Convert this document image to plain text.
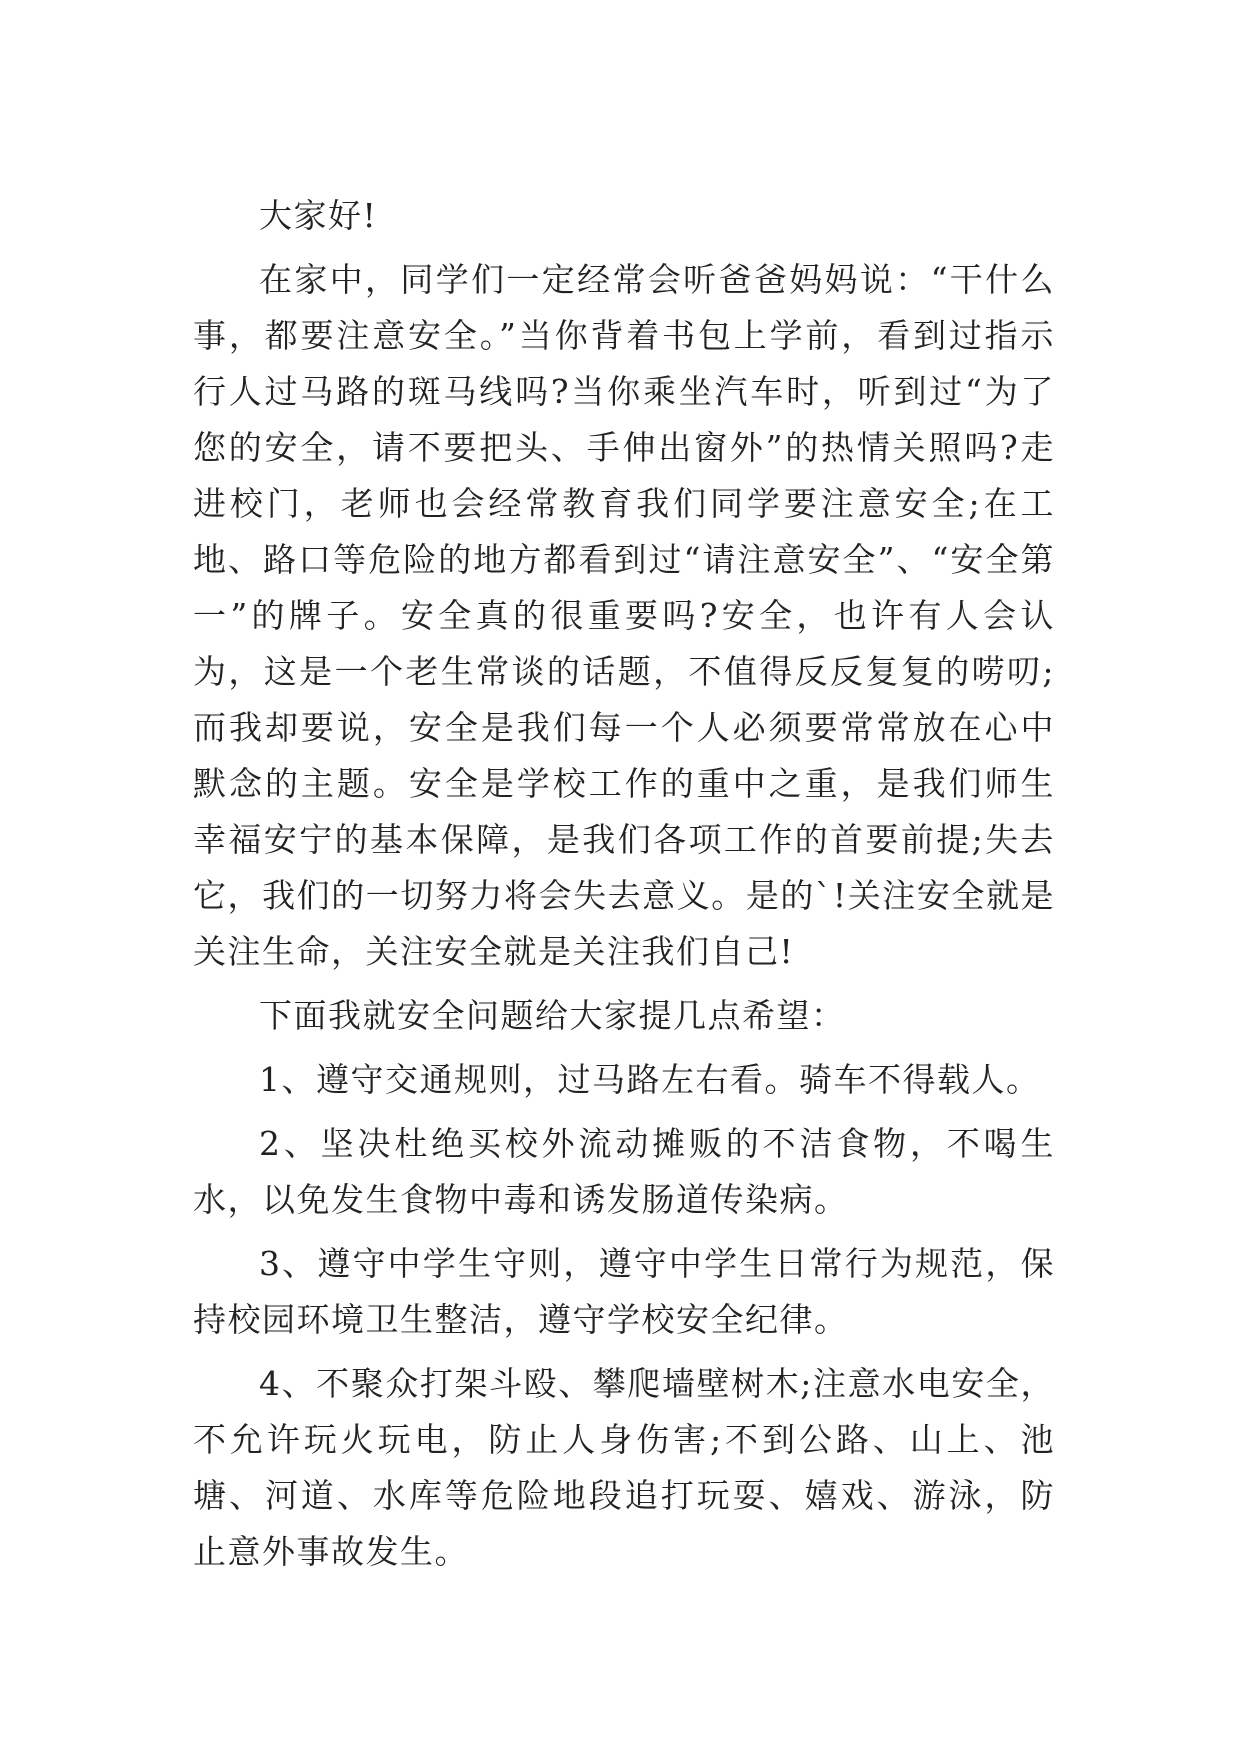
大家好!

在家中，同学们一定经常会听爸爸妈妈说：“干什么事，都要注意安全。”当你背着书包上学前，看到过指示行人过马路的斑马线吗?当你乘坐汽车时，听到过“为了您的安全，请不要把头、手伸出窗外”的热情关照吗?走进校门，老师也会经常教育我们同学要注意安全;在工地、路口等危险的地方都看到过“请注意安全”、“安全第一”的牌子。安全真的很重要吗?安全，也许有人会认为，这是一个老生常谈的话题，不值得反反复复的唠叨;而我却要说，安全是我们每一个人必须要常常放在心中默念的主题。安全是学校工作的重中之重，是我们师生幸福安宁的基本保障，是我们各项工作的首要前提;失去它，我们的一切努力将会失去意义。是的`!关注安全就是关注生命，关注安全就是关注我们自己!

下面我就安全问题给大家提几点希望：

1、遵守交通规则，过马路左右看。骑车不得载人。

2、坚决杜绝买校外流动摊贩的不洁食物，不喝生水，以免发生食物中毒和诱发肠道传染病。

3、遵守中学生守则，遵守中学生日常行为规范，保持校园环境卫生整洁，遵守学校安全纪律。

4、不聚众打架斗殴、攀爬墙壁树木;注意水电安全，不允许玩火玩电，防止人身伤害;不到公路、山上、池塘、河道、水库等危险地段追打玩耍、嬉戏、游泳，防止意外事故发生。
